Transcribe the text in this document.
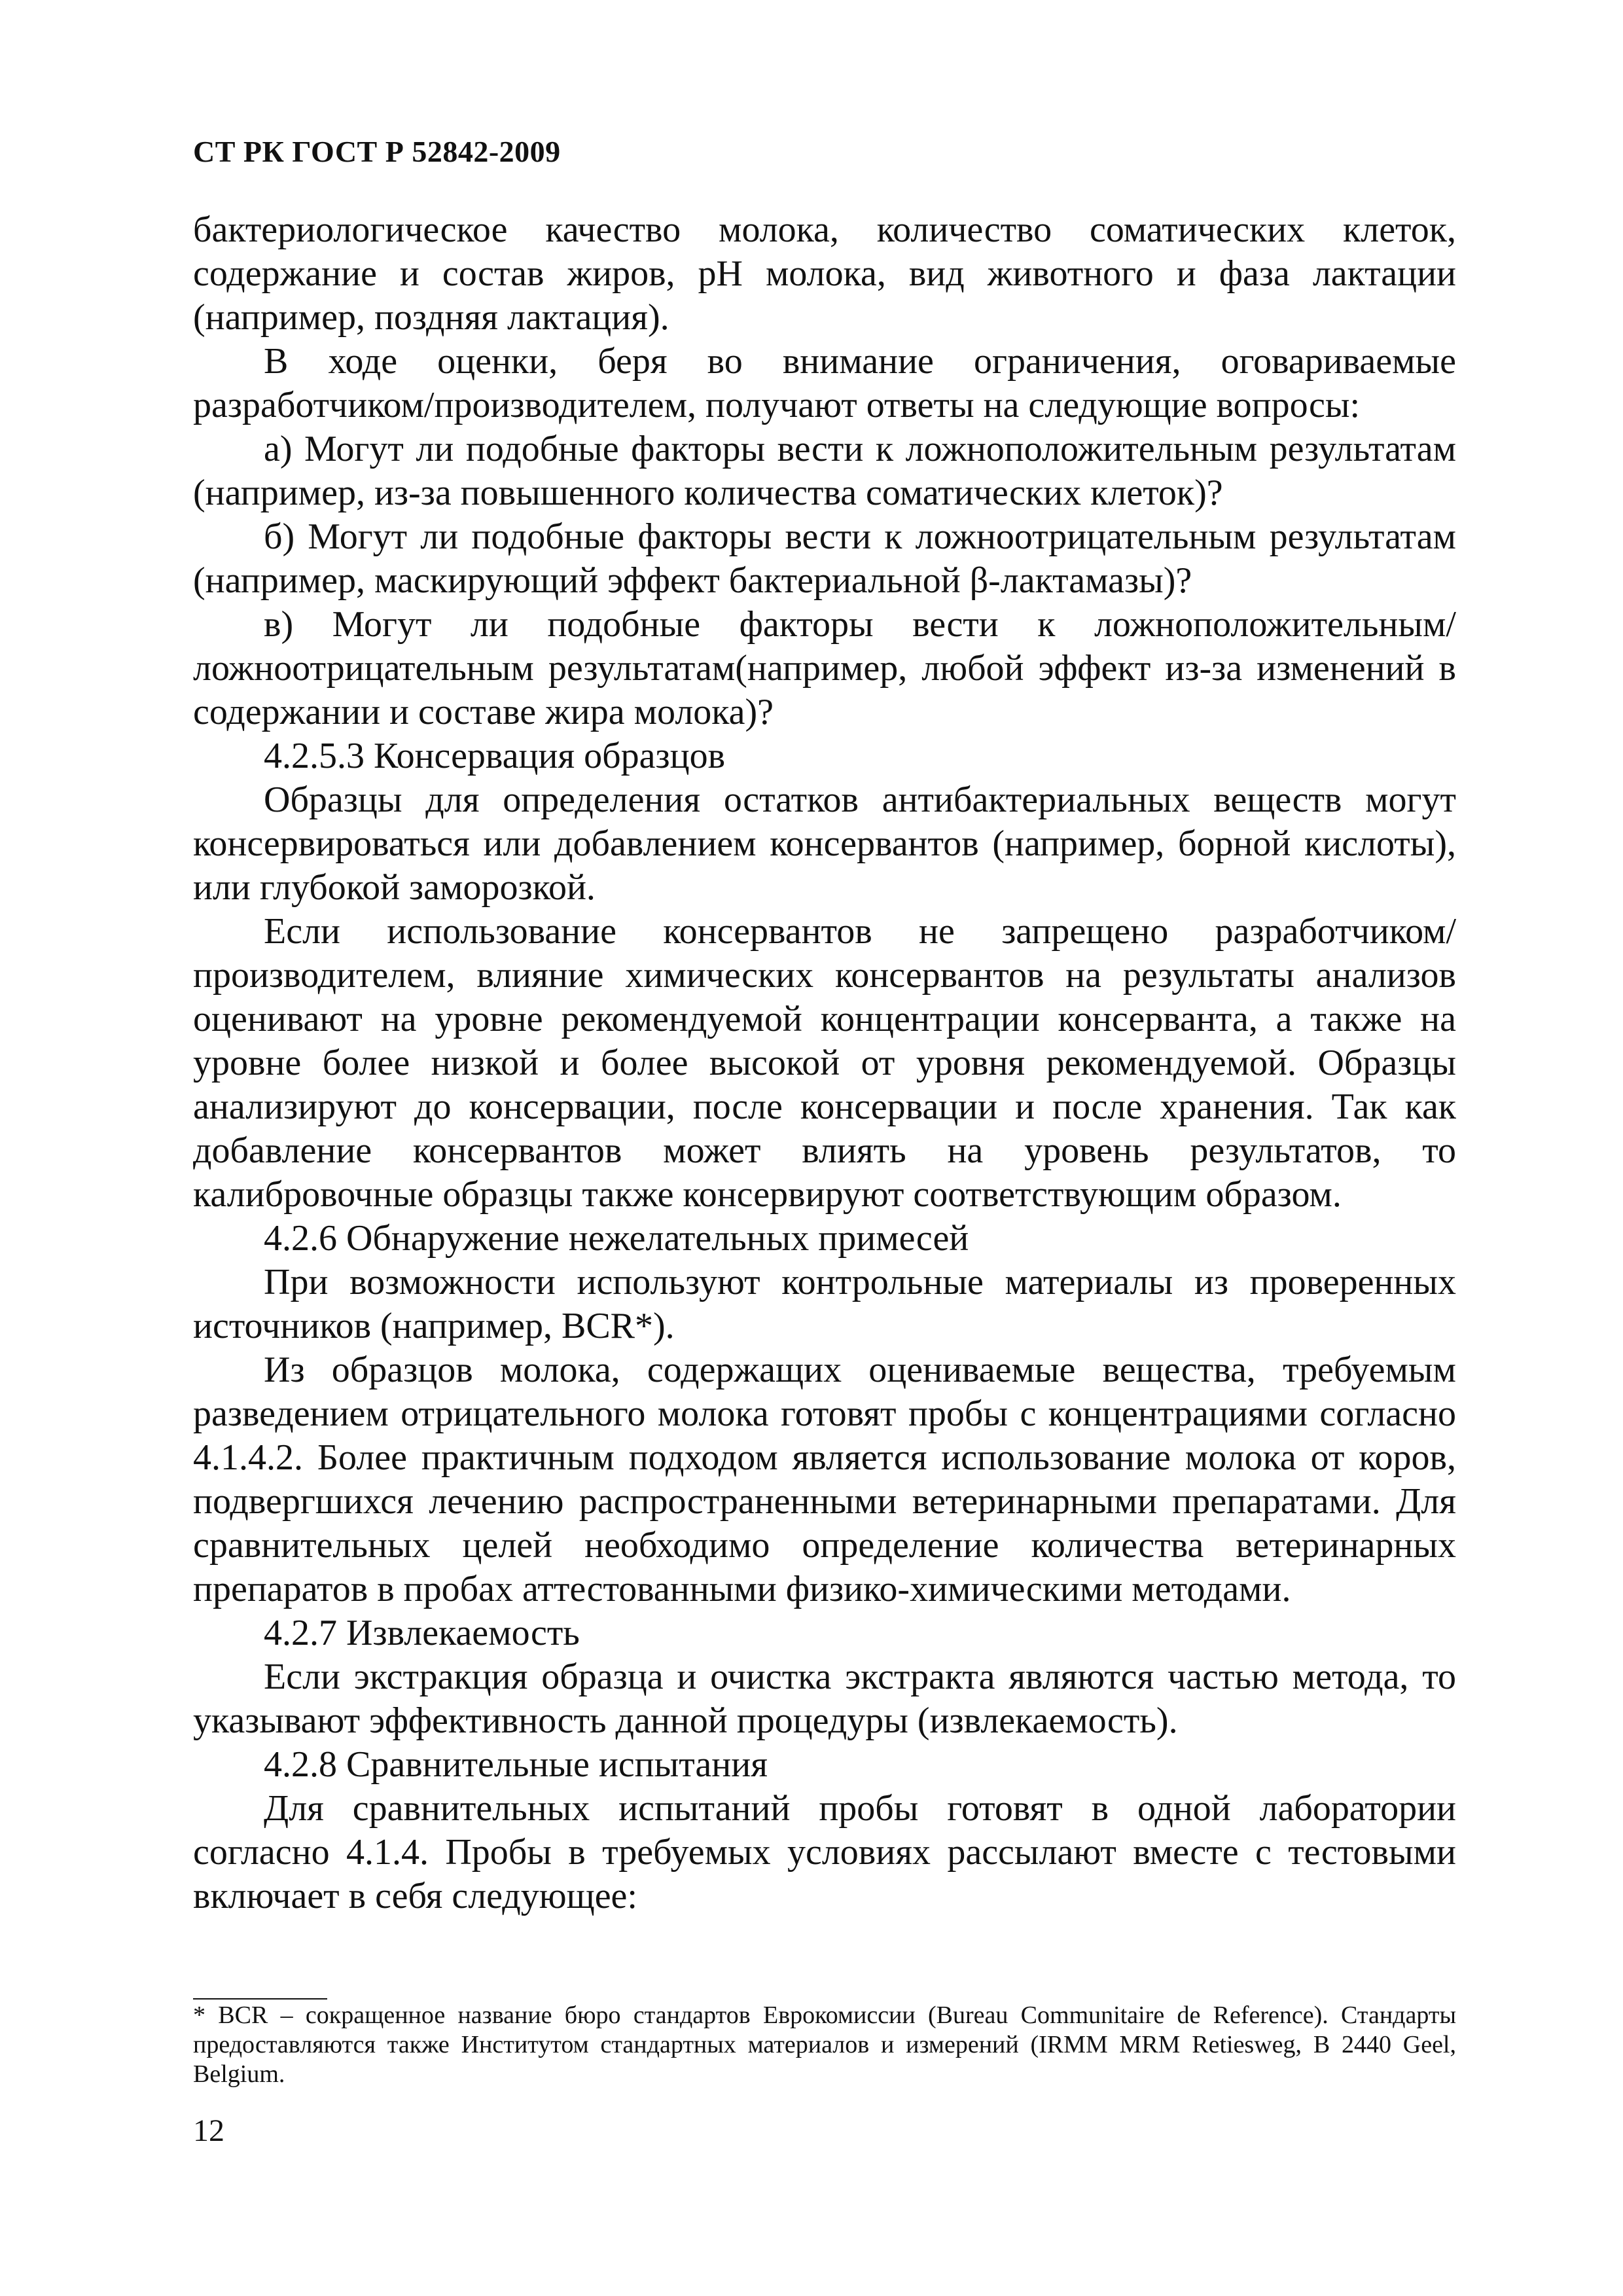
СТ РК ГОСТ Р 52842-2009

бактериологическое качество молока, количество соматических клеток, содержание и состав жиров, рН молока, вид животного и фаза лактации (например, поздняя лактация).

В ходе оценки, беря во внимание ограничения, оговариваемые разработчиком/производителем, получают ответы на следующие вопросы:

а) Могут ли подобные факторы вести к ложноположительным результатам (например, из-за повышенного количества соматических клеток)?

б) Могут ли подобные факторы вести к ложноотрицательным результатам (например, маскирующий эффект бактериальной β-лактамазы)?

в) Могут ли подобные факторы вести к ложноположительным/ ложноотрицательным результатам(например, любой эффект из-за изменений в содержании и составе жира молока)?

4.2.5.3 Консервация образцов

Образцы для определения остатков антибактериальных веществ могут консервироваться или добавлением консервантов (например, борной кислоты), или глубокой заморозкой.

Если использование консервантов не запрещено разработчиком/ производителем, влияние химических консервантов на результаты анализов оценивают на уровне рекомендуемой концентрации консерванта, а также на уровне более низкой и более высокой от уровня рекомендуемой. Образцы анализируют до консервации, после консервации и после хранения. Так как добавление консервантов может влиять на уровень результатов, то калибровочные образцы также консервируют соответствующим образом.

4.2.6 Обнаружение нежелательных примесей

При возможности используют контрольные материалы из проверенных источников (например, BCR*).

Из образцов молока, содержащих оцениваемые вещества, требуемым разведением отрицательного молока готовят пробы с концентрациями согласно 4.1.4.2. Более практичным подходом является использование молока от коров, подвергшихся лечению распространенными ветеринарными препаратами. Для сравнительных целей необходимо определение количества ветеринарных препаратов в пробах аттестованными физико-химическими методами.

4.2.7 Извлекаемость

Если экстракция образца и очистка экстракта являются частью метода, то указывают эффективность данной процедуры (извлекаемость).

4.2.8 Сравнительные испытания

Для сравнительных испытаний пробы готовят в одной лаборатории согласно 4.1.4. Пробы в требуемых условиях рассылают вместе с тестовыми включает в себя следующее:

* BCR – сокращенное название бюро стандартов Еврокомиссии (Bureau Communitaire de Reference). Стандарты предоставляются также Институтом стандартных материалов и измерений (IRMM MRM Retiesweg, B 2440 Geel, Belgium.
12
